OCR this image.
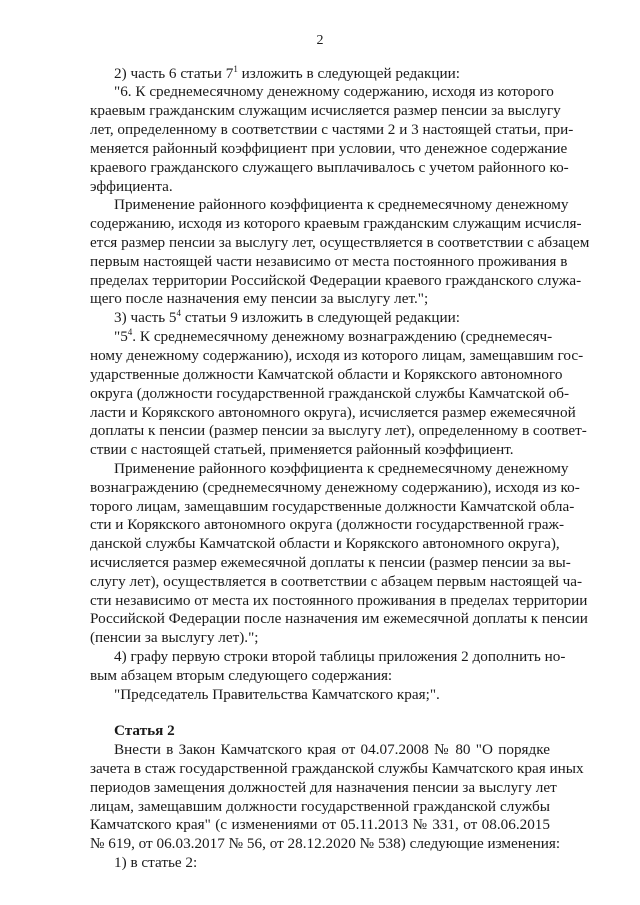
2
2) часть 6 статьи $7^1$ изложить в следующей редакции:
"6. К среднемесячному денежному содержанию, исходя из которого
краевым гражданским служащим исчисляется размер пенсии за выслугу
лет, определенному в соответствии с частями 2 и 3 настоящей статьи, при-
меняется районный коэффициент при условии, что денежное содержание
краевого гражданского служащего выплачивалось с учетом районного ко-
эффициента.
Применение районного коэффициента к среднемесячному денежному
содержанию, исходя из которого краевым гражданским служащим исчисля-
ется размер пенсии за выслугу лет, осуществляется в соответствии с абзацем
первым настоящей части независимо от места постоянного проживания в
пределах территории Российской Федерации краевого гражданского служа-
щего после назначения ему пенсии за выслугу лет.";
3) часть $5^4$ статьи 9 изложить в следующей редакции:
"$5^4$. К среднемесячному денежному вознаграждению (среднемесяч-
ному денежному содержанию), исходя из которого лицам, замещавшим гос-
ударственные должности Камчатской области и Корякского автономного
округа (должности государственной гражданской службы Камчатской об-
ласти и Корякского автономного округа), исчисляется размер ежемесячной
доплаты к пенсии (размер пенсии за выслугу лет), определенному в соответ-
ствии с настоящей статьей, применяется районный коэффициент.
Применение районного коэффициента к среднемесячному денежному
вознаграждению (среднемесячному денежному содержанию), исходя из ко-
торого лицам, замещавшим государственные должности Камчатской обла-
сти и Корякского автономного округа (должности государственной граж-
данской службы Камчатской области и Корякского автономного округа),
исчисляется размер ежемесячной доплаты к пенсии (размер пенсии за вы-
слугу лет), осуществляется в соответствии с абзацем первым настоящей ча-
сти независимо от места их постоянного проживания в пределах территории
Российской Федерации после назначения им ежемесячной доплаты к пенсии
(пенсии за выслугу лет).";
4) графу первую строки второй таблицы приложения 2 дополнить но-
вым абзацем вторым следующего содержания:
"Председатель Правительства Камчатского края;".
Статья 2
Внести в Закон Камчатского края от 04.07.2008 № 80 "О порядке
зачета в стаж государственной гражданской службы Камчатского края иных
периодов замещения должностей для назначения пенсии за выслугу лет
лицам, замещавшим должности государственной гражданской службы
Камчатского края" (с изменениями от 05.11.2013 № 331, от 08.06.2015
№ 619, от 06.03.2017 № 56, от 28.12.2020 № 538) следующие изменения:
1) в статье 2:
